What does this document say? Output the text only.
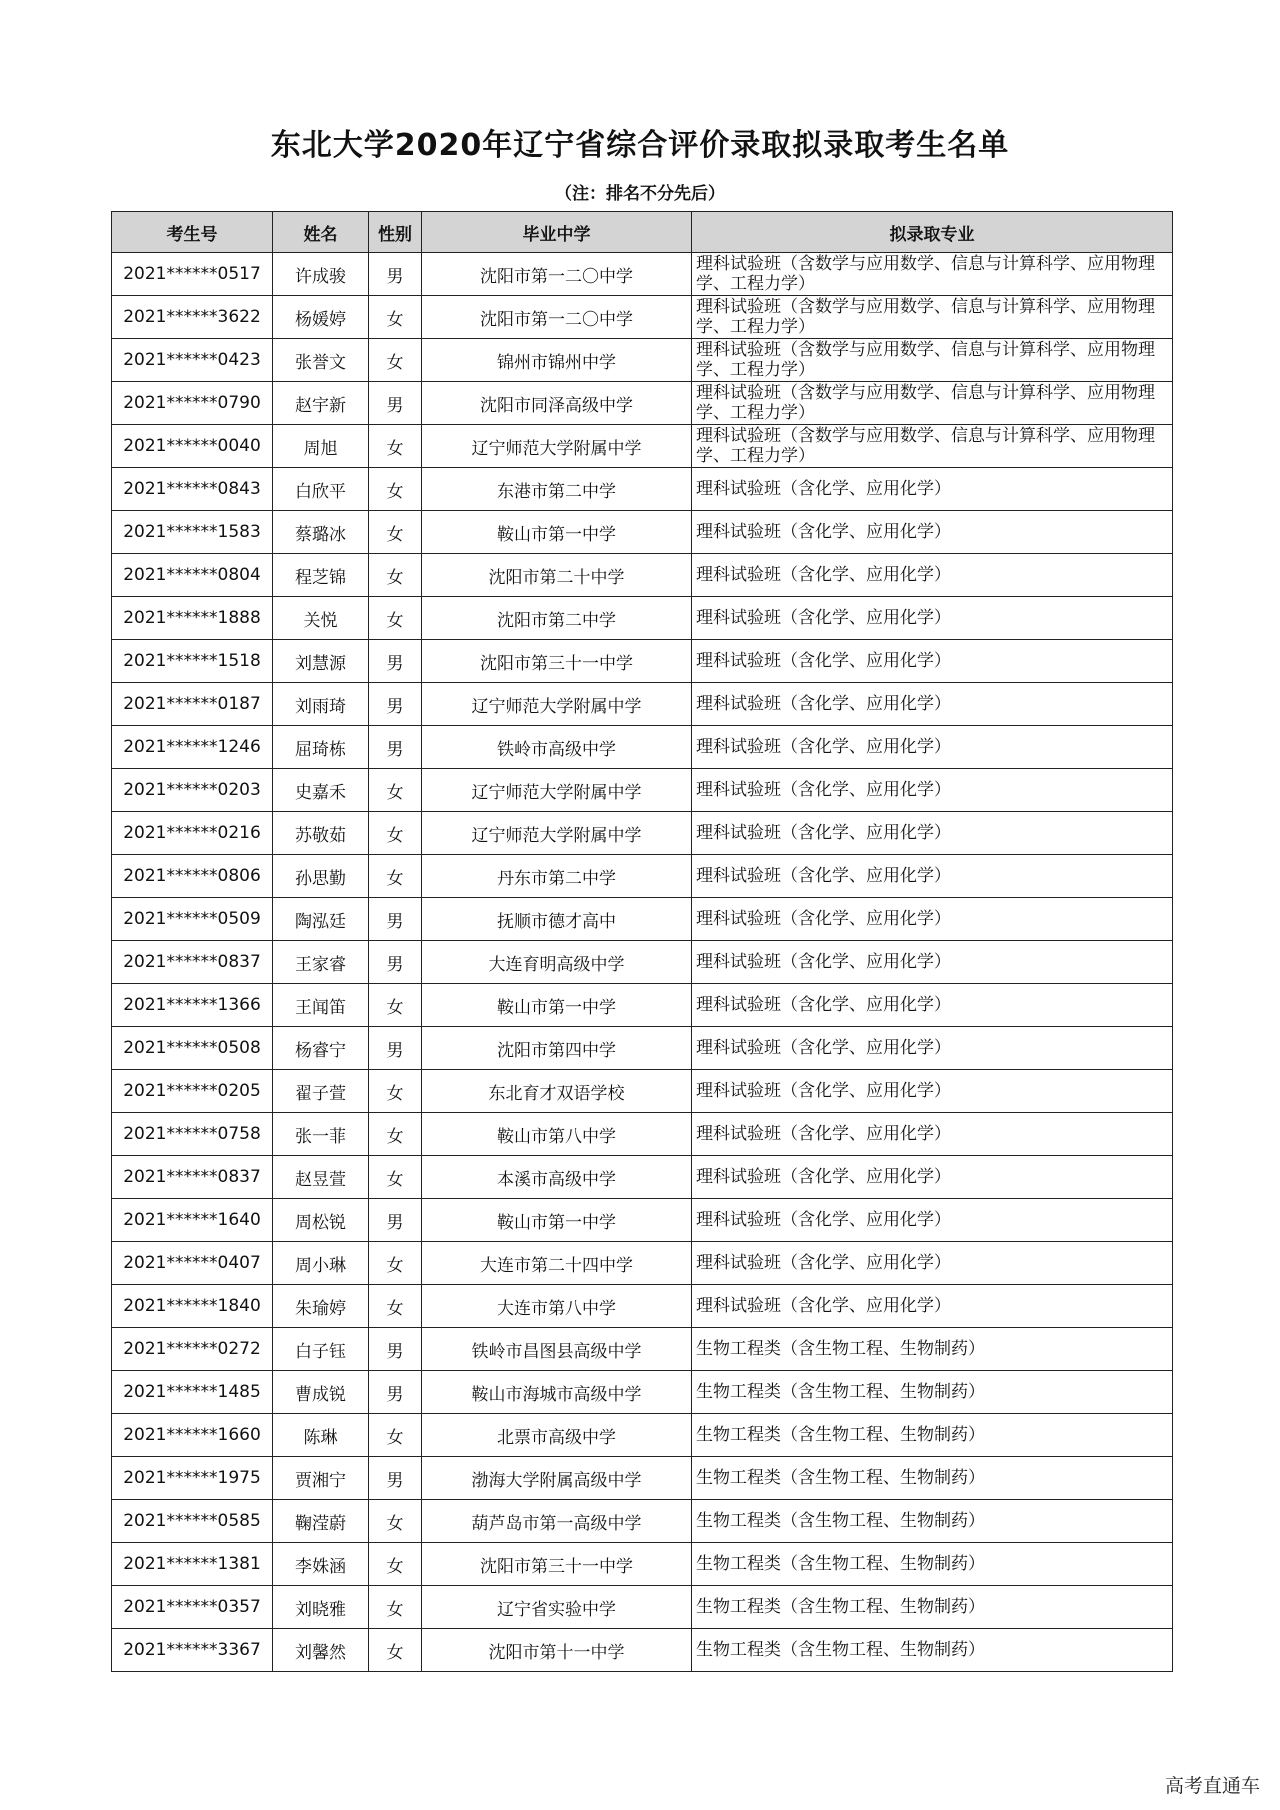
东北大学2020年辽宁省综合评价录取拟录取考生名单
（注：排名不分先后）
考生号	姓名	性别	毕业中学	拟录取专业
2021******0517	许成骏	男	沈阳市第一二〇中学	理科试验班（含数学与应用数学、信息与计算科学、应用物理学、工程力学）
2021******3622	杨媛婷	女	沈阳市第一二〇中学	理科试验班（含数学与应用数学、信息与计算科学、应用物理学、工程力学）
2021******0423	张誉文	女	锦州市锦州中学	理科试验班（含数学与应用数学、信息与计算科学、应用物理学、工程力学）
2021******0790	赵宇新	男	沈阳市同泽高级中学	理科试验班（含数学与应用数学、信息与计算科学、应用物理学、工程力学）
2021******0040	周旭	女	辽宁师范大学附属中学	理科试验班（含数学与应用数学、信息与计算科学、应用物理学、工程力学）
2021******0843	白欣平	女	东港市第二中学	理科试验班（含化学、应用化学）
2021******1583	蔡璐冰	女	鞍山市第一中学	理科试验班（含化学、应用化学）
2021******0804	程芝锦	女	沈阳市第二十中学	理科试验班（含化学、应用化学）
2021******1888	关悦	女	沈阳市第二中学	理科试验班（含化学、应用化学）
2021******1518	刘慧源	男	沈阳市第三十一中学	理科试验班（含化学、应用化学）
2021******0187	刘雨琦	男	辽宁师范大学附属中学	理科试验班（含化学、应用化学）
2021******1246	屈琦栋	男	铁岭市高级中学	理科试验班（含化学、应用化学）
2021******0203	史嘉禾	女	辽宁师范大学附属中学	理科试验班（含化学、应用化学）
2021******0216	苏敬茹	女	辽宁师范大学附属中学	理科试验班（含化学、应用化学）
2021******0806	孙思勤	女	丹东市第二中学	理科试验班（含化学、应用化学）
2021******0509	陶泓廷	男	抚顺市德才高中	理科试验班（含化学、应用化学）
2021******0837	王家睿	男	大连育明高级中学	理科试验班（含化学、应用化学）
2021******1366	王闻笛	女	鞍山市第一中学	理科试验班（含化学、应用化学）
2021******0508	杨睿宁	男	沈阳市第四中学	理科试验班（含化学、应用化学）
2021******0205	翟子萱	女	东北育才双语学校	理科试验班（含化学、应用化学）
2021******0758	张一菲	女	鞍山市第八中学	理科试验班（含化学、应用化学）
2021******0837	赵昱萱	女	本溪市高级中学	理科试验班（含化学、应用化学）
2021******1640	周松锐	男	鞍山市第一中学	理科试验班（含化学、应用化学）
2021******0407	周小琳	女	大连市第二十四中学	理科试验班（含化学、应用化学）
2021******1840	朱瑜婷	女	大连市第八中学	理科试验班（含化学、应用化学）
2021******0272	白子钰	男	铁岭市昌图县高级中学	生物工程类（含生物工程、生物制药）
2021******1485	曹成锐	男	鞍山市海城市高级中学	生物工程类（含生物工程、生物制药）
2021******1660	陈琳	女	北票市高级中学	生物工程类（含生物工程、生物制药）
2021******1975	贾湘宁	男	渤海大学附属高级中学	生物工程类（含生物工程、生物制药）
2021******0585	鞠滢蔚	女	葫芦岛市第一高级中学	生物工程类（含生物工程、生物制药）
2021******1381	李姝涵	女	沈阳市第三十一中学	生物工程类（含生物工程、生物制药）
2021******0357	刘晓雅	女	辽宁省实验中学	生物工程类（含生物工程、生物制药）
2021******3367	刘馨然	女	沈阳市第十一中学	生物工程类（含生物工程、生物制药）
高考直通车
